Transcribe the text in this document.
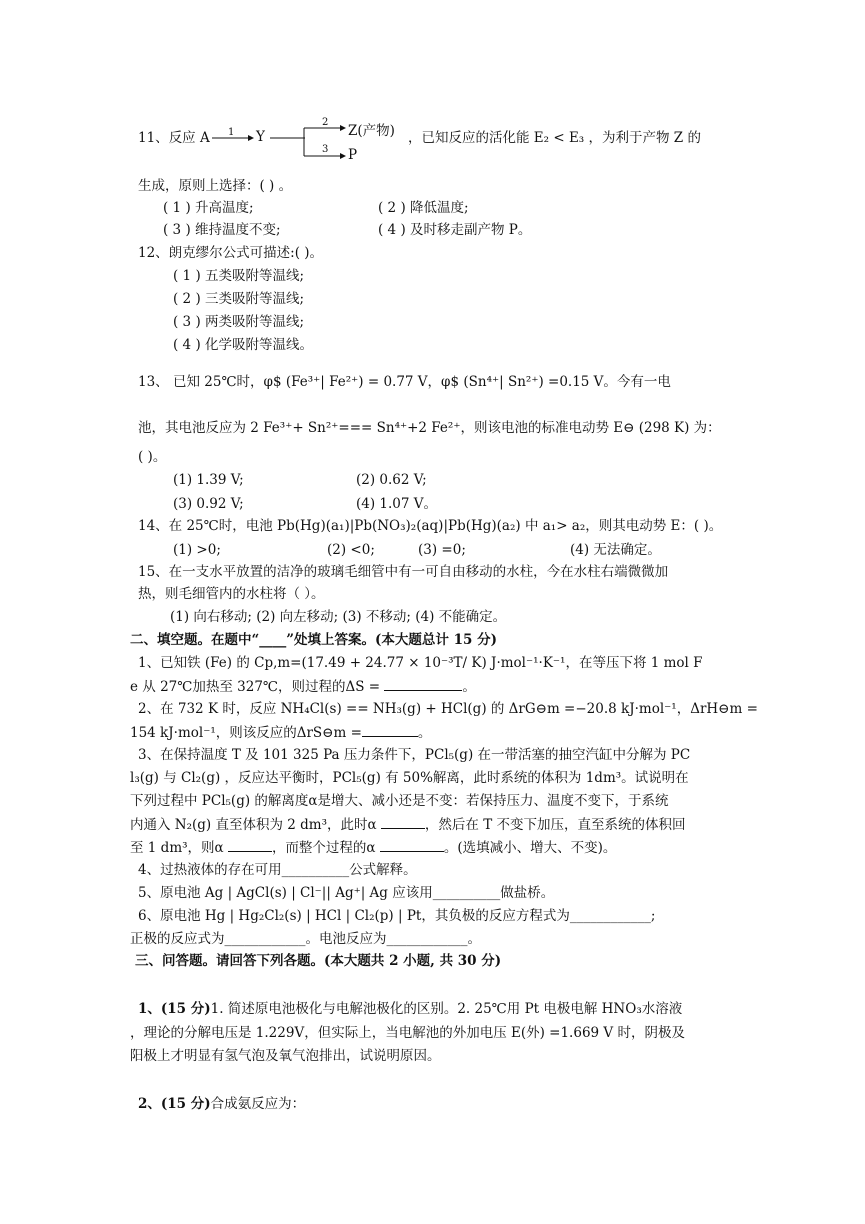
11、反应 A 1 Y
2
Z(产物)
3 P
，已知反应的活化能 E₂ < E₃ ，为利于产物 Z 的
生成，原则上选择：( ) 。
( 1 ) 升高温度;	( 2 ) 降低温度;
( 3 ) 维持温度不变;	( 4 ) 及时移走副产物 P。
12、朗克缪尔公式可描述:( )。
( 1 ) 五类吸附等温线;
( 2 ) 三类吸附等温线;
( 3 ) 两类吸附等温线;
( 4 ) 化学吸附等温线。
13、 已知 25℃时，φ$ (Fe³⁺| Fe²⁺) = 0.77 V，φ$ (Sn⁴⁺| Sn²⁺) =0.15 V。今有一电
池，其电池反应为 2 Fe³⁺+ Sn²⁺=== Sn⁴⁺+2 Fe²⁺，则该电池的标准电动势 E⊖ (298 K) 为：
( )。
(1) 1.39 V;	(2) 0.62 V;
(3) 0.92 V;	(4) 1.07 V。
14、在 25℃时，电池 Pb(Hg)(a₁)|Pb(NO₃)₂(aq)|Pb(Hg)(a₂) 中 a₁> a₂，则其电动势 E：( )。
(1) >0;	(2) <0;	(3) =0;	(4) 无法确定。
15、在一支水平放置的洁净的玻璃毛细管中有一可自由移动的水柱，今在水柱右端微微加
热，则毛细管内的水柱将（ ）。
(1) 向右移动; (2) 向左移动; (3) 不移动; (4) 不能确定。
二、填空题。在题中“____”处填上答案。(本大题总计 15 分)
1、已知铁 (Fe) 的 Cp,m=(17.49 + 24.77 × 10⁻³T/ K) J·mol⁻¹·K⁻¹，在等压下将 1 mol F
e 从 27℃加热至 327℃，则过程的ΔS =	。
2、在 732 K 时，反应 NH₄Cl(s) == NH₃(g) + HCl(g) 的 ΔrG⊖m =−20.8 kJ·mol⁻¹，ΔrH⊖m =
154 kJ·mol⁻¹，则该反应的ΔrS⊖m =	。
3、在保持温度 T 及 101 325 Pa 压力条件下，PCl₅(g) 在一带活塞的抽空汽缸中分解为 PC
l₃(g) 与 Cl₂(g) ，反应达平衡时，PCl₅(g) 有 50%解离，此时系统的体积为 1dm³。试说明在
下列过程中 PCl₅(g) 的解离度α是增大、减小还是不变：若保持压力、温度不变下，于系统
内通入 N₂(g) 直至体积为 2 dm³，此时α	，然后在 T 不变下加压，直至系统的体积回
至 1 dm³，则α	，而整个过程的α	。(选填减小、增大、不变)。
4、过热液体的存在可用__________公式解释。
5、原电池 Ag | AgCl(s) | Cl⁻|| Ag⁺| Ag 应该用__________做盐桥。
6、原电池 Hg | Hg₂Cl₂(s) | HCl | Cl₂(p) | Pt，其负极的反应方程式为____________;
正极的反应式为____________。电池反应为____________。
三、问答题。请回答下列各题。(本大题共 2 小题, 共 30 分)
1、(15 分)1. 简述原电池极化与电解池极化的区别。2. 25℃用 Pt 电极电解 HNO₃水溶液
，理论的分解电压是 1.229V，但实际上，当电解池的外加电压 E(外) =1.669 V 时，阴极及
阳极上才明显有氢气泡及氧气泡排出，试说明原因。
2、(15 分)合成氨反应为：
